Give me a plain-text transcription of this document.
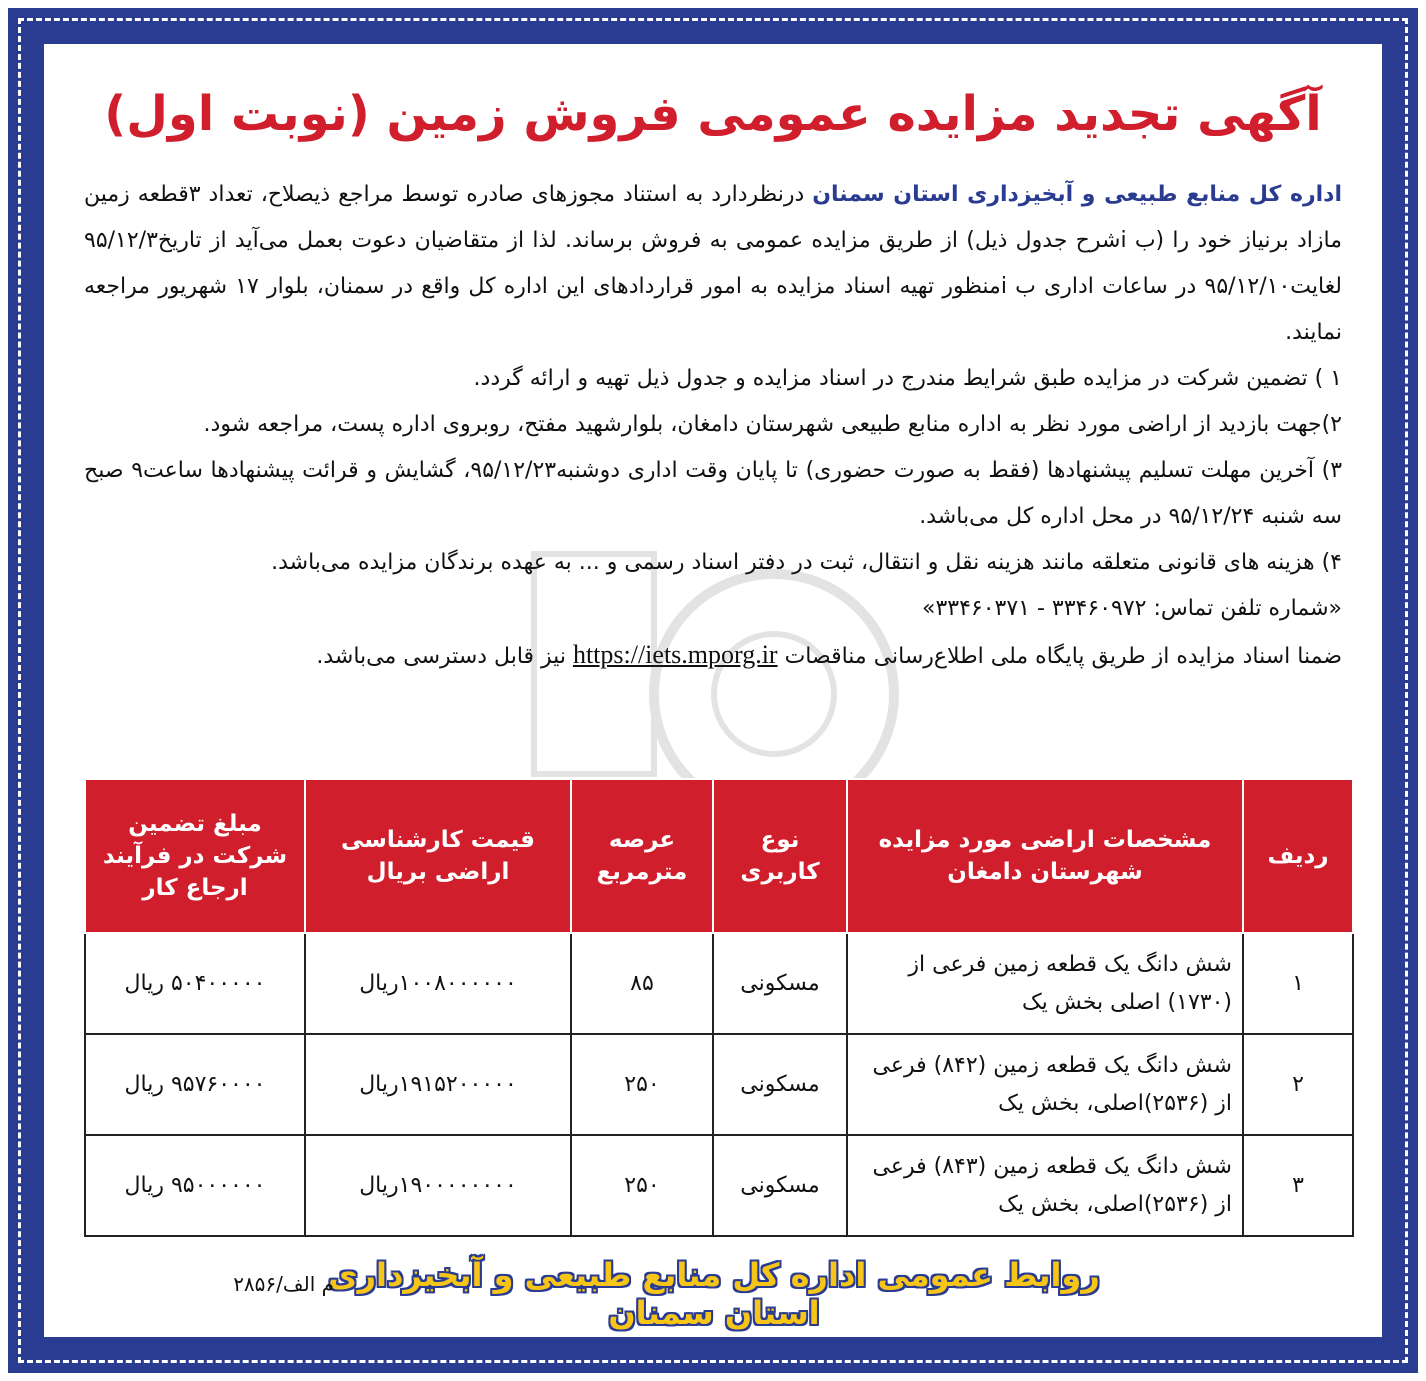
آگهی تجدید مزایده عمومی فروش زمین (نوبت اول)

اداره کل منابع طبیعی و آبخیزداری استان سمنان درنظردارد به استناد مجوزهای صادره توسط مراجع ذیصلاح، تعداد ۳قطعه زمین مازاد برنیاز خود را (ب iشرح جدول ذیل) از طریق مزایده عمومی به فروش برساند. لذا از متقاضیان دعوت بعمل می‌آید از تاریخ۹۵/۱۲/۳ لغایت۹۵/۱۲/۱۰ در ساعات اداری ب iمنظور تهیه اسناد مزایده به امور قراردادهای این اداره کل واقع در سمنان، بلوار ۱۷ شهریور مراجعه نمایند.

۱ ) تضمین شرکت در مزایده طبق شرایط مندرج در اسناد مزایده و جدول ذیل تهیه و ارائه گردد.

۲)جهت بازدید از اراضی مورد نظر به اداره منابع طبیعی شهرستان دامغان، بلوارشهید مفتح، روبروی اداره پست، مراجعه شود.

۳) آخرین مهلت تسلیم پیشنهادها (فقط به صورت حضوری) تا پایان وقت اداری دوشنبه۹۵/۱۲/۲۳، گشایش و قرائت پیشنهادها ساعت۹ صبح سه شنبه ۹۵/۱۲/۲۴ در محل اداره کل می‌باشد.

۴) هزینه های قانونی متعلقه مانند هزینه نقل و انتقال، ثبت در دفتر اسناد رسمی و ... به عهده برندگان مزایده می‌باشد.

«شماره تلفن تماس: ۳۳۴۶۰۹۷۲ - ۳۳۴۶۰۳۷۱»

ضمنا اسناد مزایده از طریق پایگاه ملی اطلاع‌رسانی مناقصات https://iets.mporg.ir نیز قابل دسترسی می‌باشد.

ردیف	مشخصات اراضی مورد مزایده شهرستان دامغان	نوع کاربری	عرصه مترمربع	قیمت کارشناسی اراضی بریال	مبلغ تضمین شرکت در فرآیند ارجاع کار
۱	شش دانگ یک قطعه زمین فرعی از (۱۷۳۰) اصلی بخش یک	مسکونی	۸۵	۱۰۰۸۰۰۰۰۰۰ریال	۵۰۴۰۰۰۰۰ ریال
۲	شش دانگ یک قطعه زمین (۸۴۲) فرعی از (۲۵۳۶)اصلی، بخش یک	مسکونی	۲۵۰	۱۹۱۵۲۰۰۰۰۰ریال	۹۵۷۶۰۰۰۰ ریال
۳	شش دانگ یک قطعه زمین (۸۴۳) فرعی از (۲۵۳۶)اصلی، بخش یک	مسکونی	۲۵۰	۱۹۰۰۰۰۰۰۰۰ریال	۹۵۰۰۰۰۰۰ ریال

روابط عمومی اداره کل منابع طبیعی و آبخیزداری استان سمنان

م الف/۲۸۵۶
